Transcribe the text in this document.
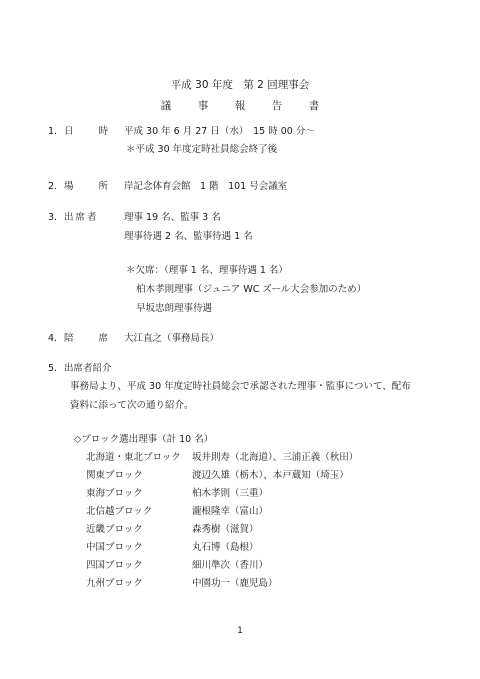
平成 30 年度　第 2 回理事会
議　事　報　告　書
1． 日　　時 平成 30 年 6 月 27 日（水）　15 時 00 分～
＊平成 30 年度定時社員総会終了後
2． 場　　所 岸記念体育会館　1 階　101 号会議室
3． 出席者	理事 19 名、監事 3 名
理事待遇 2 名、監事待遇 1 名
＊欠席：（理事 1 名、理事待遇 1 名）
柏木孝則理事（ジュニア WC ズール大会参加のため）
早坂忠朗理事待遇
4． 陪　　席 大江直之（事務局長）
5． 出席者紹介
事務局より、平成 30 年度定時社員総会で承認された理事・監事について、配布
資料に添って次の通り紹介。
◇ブロック選出理事（計 10 名）
北海道・東北ブロック 坂井則寿（北海道）、三浦正義（秋田）
関東ブロック	渡辺久雄（栃木）、本戸蔵知（埼玉）
東海ブロック	柏木孝則（三重）
北信越ブロック	瀧根隆幸（富山）
近畿ブロック	森秀樹（滋賀）
中国ブロック	丸石博（島根）
四国ブロック	細川準次（香川）
九州ブロック	中園功一（鹿児島）
1
